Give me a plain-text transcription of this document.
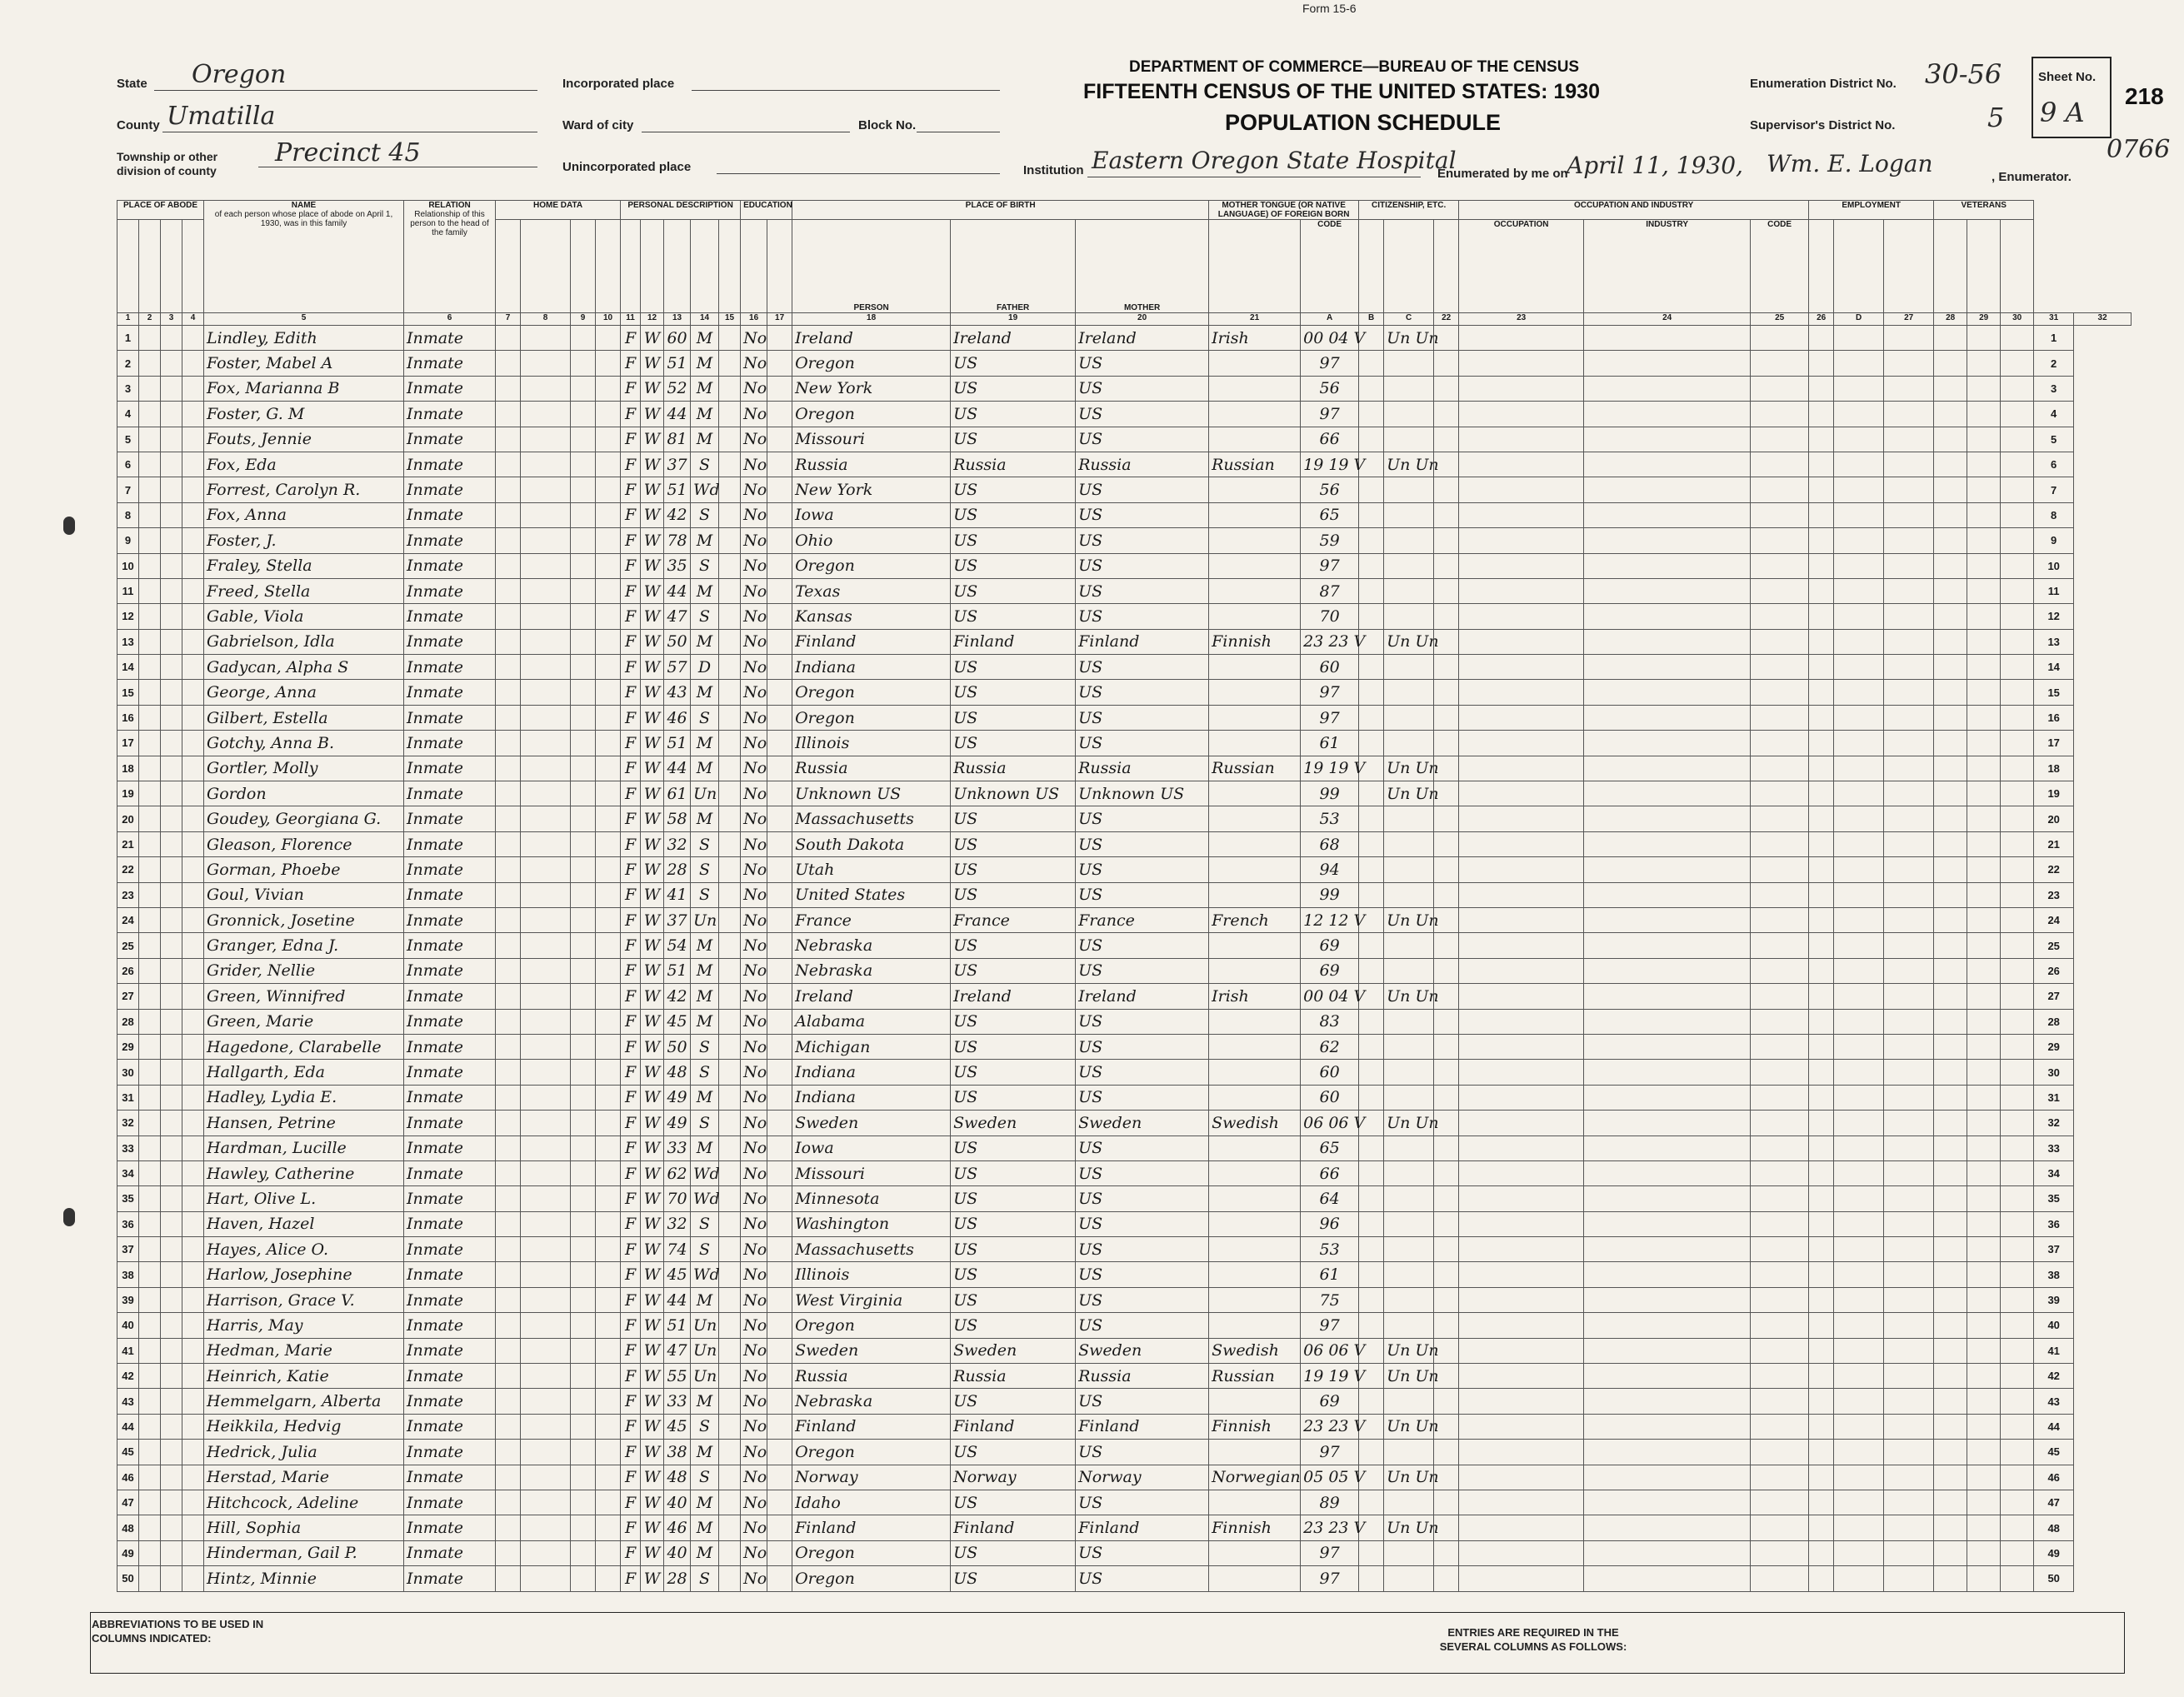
Form 15-6
DEPARTMENT OF COMMERCE—BUREAU OF THE CENSUS
FIFTEENTH CENSUS OF THE UNITED STATES: 1930
POPULATION SCHEDULE
218
0766
State Oregon
County Umatilla
Township or other division of county
Precinct 45
Incorporated place
Ward of city	Block No.
Unincorporated place	Institution Eastern Oregon State Hospital
Enumeration District No. 30-56
Supervisor's District No.	5
Sheet No.
9 A
Enumerated by me on
April 11, 1930, Wm. E. Logan	, Enumerator.
PLACE OF ABODE				NAME
of each person whose place of abode on April 1, 1930, was in this family	RELATION
Relationship of this person to the head of the family	HOME DATA				PERSONAL DESCRIPTION					EDUCATION		PLACE OF BIRTH			MOTHER TONGUE (OR NATIVE LANGUAGE) OF FOREIGN BORN		CITIZENSHIP, ETC.			OCCUPATION AND INDUSTRY			EMPLOYMENT			VETERANS				
																	PERSON	FATHER	MOTHER		CODE				OCCUPATION	INDUSTRY	CODE								
1	2	3	4	5	6	7	8	9	10	11	12	13	14	15	16	17	18	19	20	21	A	B	C	22	23	24	25	26	D	27	28	29	30	31	32
1				Lindley, Edith	Inmate					F	W	60	M		No		Ireland	Ireland	Ireland	Irish	00 04 V		Un Un											1	
2				Foster, Mabel A	Inmate					F	W	51	M		No		Oregon	US	US		97													2	
3				Fox, Marianna B	Inmate					F	W	52	M		No		New York	US	US		56													3	
4				Foster, G. M	Inmate					F	W	44	M		No		Oregon	US	US		97													4	
5				Fouts, Jennie	Inmate					F	W	81	M		No		Missouri	US	US		66													5	
6				Fox, Eda	Inmate					F	W	37	S		No		Russia	Russia	Russia	Russian	19 19 V		Un Un											6	
7				Forrest, Carolyn R.	Inmate					F	W	51	Wd		No		New York	US	US		56													7	
8				Fox, Anna	Inmate					F	W	42	S		No		Iowa	US	US		65													8	
9				Foster, J.	Inmate					F	W	78	M		No		Ohio	US	US		59													9	
10				Fraley, Stella	Inmate					F	W	35	S		No		Oregon	US	US		97													10	
11				Freed, Stella	Inmate					F	W	44	M		No		Texas	US	US		87													11	
12				Gable, Viola	Inmate					F	W	47	S		No		Kansas	US	US		70													12	
13				Gabrielson, Idla	Inmate					F	W	50	M		No		Finland	Finland	Finland	Finnish	23 23 V		Un Un											13	
14				Gadycan, Alpha S	Inmate					F	W	57	D		No		Indiana	US	US		60													14	
15				George, Anna	Inmate					F	W	43	M		No		Oregon	US	US		97													15	
16				Gilbert, Estella	Inmate					F	W	46	S		No		Oregon	US	US		97													16	
17				Gotchy, Anna B.	Inmate					F	W	51	M		No		Illinois	US	US		61													17	
18				Gortler, Molly	Inmate					F	W	44	M		No		Russia	Russia	Russia	Russian	19 19 V		Un Un											18	
19				Gordon	Inmate					F	W	61	Un		No		Unknown US	Unknown US	Unknown US		99		Un Un											19	
20				Goudey, Georgiana G.	Inmate					F	W	58	M		No		Massachusetts	US	US		53													20	
21				Gleason, Florence	Inmate					F	W	32	S		No		South Dakota	US	US		68													21	
22				Gorman, Phoebe	Inmate					F	W	28	S		No		Utah	US	US		94													22	
23				Goul, Vivian	Inmate					F	W	41	S		No		United States	US	US		99													23	
24				Gronnick, Josetine	Inmate					F	W	37	Un		No		France	France	France	French	12 12 V		Un Un											24	
25				Granger, Edna J.	Inmate					F	W	54	M		No		Nebraska	US	US		69													25	
26				Grider, Nellie	Inmate					F	W	51	M		No		Nebraska	US	US		69													26	
27				Green, Winnifred	Inmate					F	W	42	M		No		Ireland	Ireland	Ireland	Irish	00 04 V		Un Un											27	
28				Green, Marie	Inmate					F	W	45	M		No		Alabama	US	US		83													28	
29				Hagedone, Clarabelle	Inmate					F	W	50	S		No		Michigan	US	US		62													29	
30				Hallgarth, Eda	Inmate					F	W	48	S		No		Indiana	US	US		60													30	
31				Hadley, Lydia E.	Inmate					F	W	49	M		No		Indiana	US	US		60													31	
32				Hansen, Petrine	Inmate					F	W	49	S		No		Sweden	Sweden	Sweden	Swedish	06 06 V		Un Un											32	
33				Hardman, Lucille	Inmate					F	W	33	M		No		Iowa	US	US		65													33	
34				Hawley, Catherine	Inmate					F	W	62	Wd		No		Missouri	US	US		66													34	
35				Hart, Olive L.	Inmate					F	W	70	Wd		No		Minnesota	US	US		64													35	
36				Haven, Hazel	Inmate					F	W	32	S		No		Washington	US	US		96													36	
37				Hayes, Alice O.	Inmate					F	W	74	S		No		Massachusetts	US	US		53													37	
38				Harlow, Josephine	Inmate					F	W	45	Wd		No		Illinois	US	US		61													38	
39				Harrison, Grace V.	Inmate					F	W	44	M		No		West Virginia	US	US		75													39	
40				Harris, May	Inmate					F	W	51	Un		No		Oregon	US	US		97													40	
41				Hedman, Marie	Inmate					F	W	47	Un		No		Sweden	Sweden	Sweden	Swedish	06 06 V		Un Un											41	
42				Heinrich, Katie	Inmate					F	W	55	Un		No		Russia	Russia	Russia	Russian	19 19 V		Un Un											42	
43				Hemmelgarn, Alberta	Inmate					F	W	33	M		No		Nebraska	US	US		69													43	
44				Heikkila, Hedvig	Inmate					F	W	45	S		No		Finland	Finland	Finland	Finnish	23 23 V		Un Un											44	
45				Hedrick, Julia	Inmate					F	W	38	M		No		Oregon	US	US		97													45	
46				Herstad, Marie	Inmate					F	W	48	S		No		Norway	Norway	Norway	Norwegian	05 05 V		Un Un											46	
47				Hitchcock, Adeline	Inmate					F	W	40	M		No		Idaho	US	US		89													47	
48				Hill, Sophia	Inmate					F	W	46	M		No		Finland	Finland	Finland	Finnish	23 23 V		Un Un											48	
49				Hinderman, Gail P.	Inmate					F	W	40	M		No		Oregon	US	US		97													49	
50				Hintz, Minnie	Inmate					F	W	28	S		No		Oregon	US	US		97													50	
ABBREVIATIONS TO BE USED IN COLUMNS INDICATED:	ENTRIES ARE REQUIRED IN THE SEVERAL COLUMNS AS FOLLOWS:
